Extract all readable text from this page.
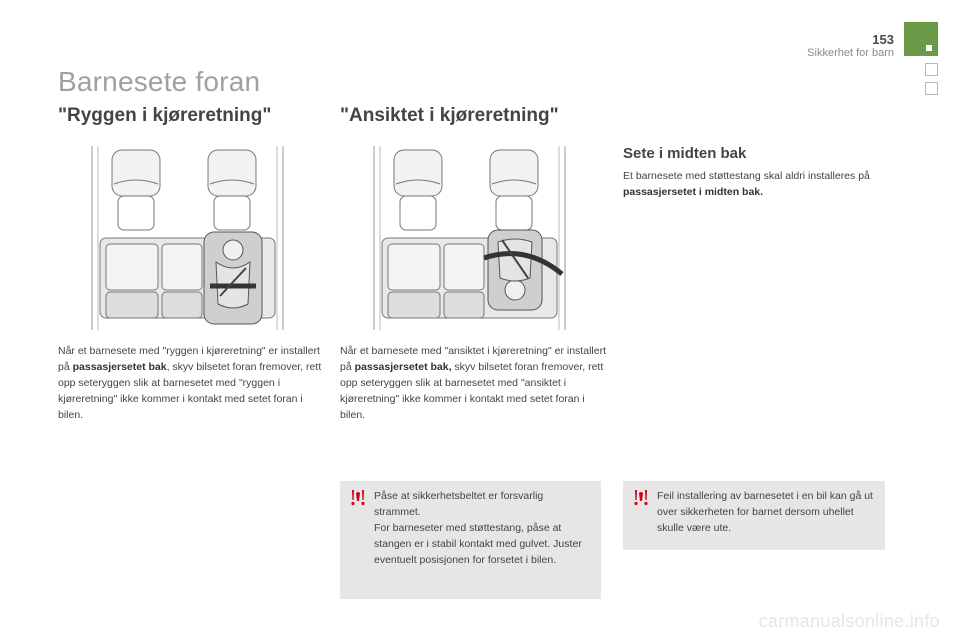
153
Sikkerhet for barn
Barnesete foran
"Ryggen i kjøreretning"	"Ansiktet i kjøreretning"
Sete i midten bak
Når et barnesete med "ryggen i kjøreretning" er installert på passasjersetet bak, skyv bilsetet foran fremover, rett opp seteryggen slik at barnesetet med "ryggen i kjøreretning" ikke kommer i kontakt med setet foran i bilen.
Når et barnesete med "ansiktet i kjøreretning" er installert på passasjersetet bak, skyv bilsetet foran fremover, rett opp seteryggen slik at barnesetet med "ansiktet i kjøreretning" ikke kommer i kontakt med setet foran i bilen.
Et barnesete med støttestang skal aldri installeres på passasjersetet i midten bak.

Påse at sikkerhetsbeltet er forsvarlig strammet.

For barneseter med støttestang, påse at stangen er i stabil kontakt med gulvet. Juster eventuelt posisjonen for forsetet i bilen.

Feil installering av barnesetet i en bil kan gå ut over sikkerheten for barnet dersom uhellet skulle være ute.

carmanualsonline.info
